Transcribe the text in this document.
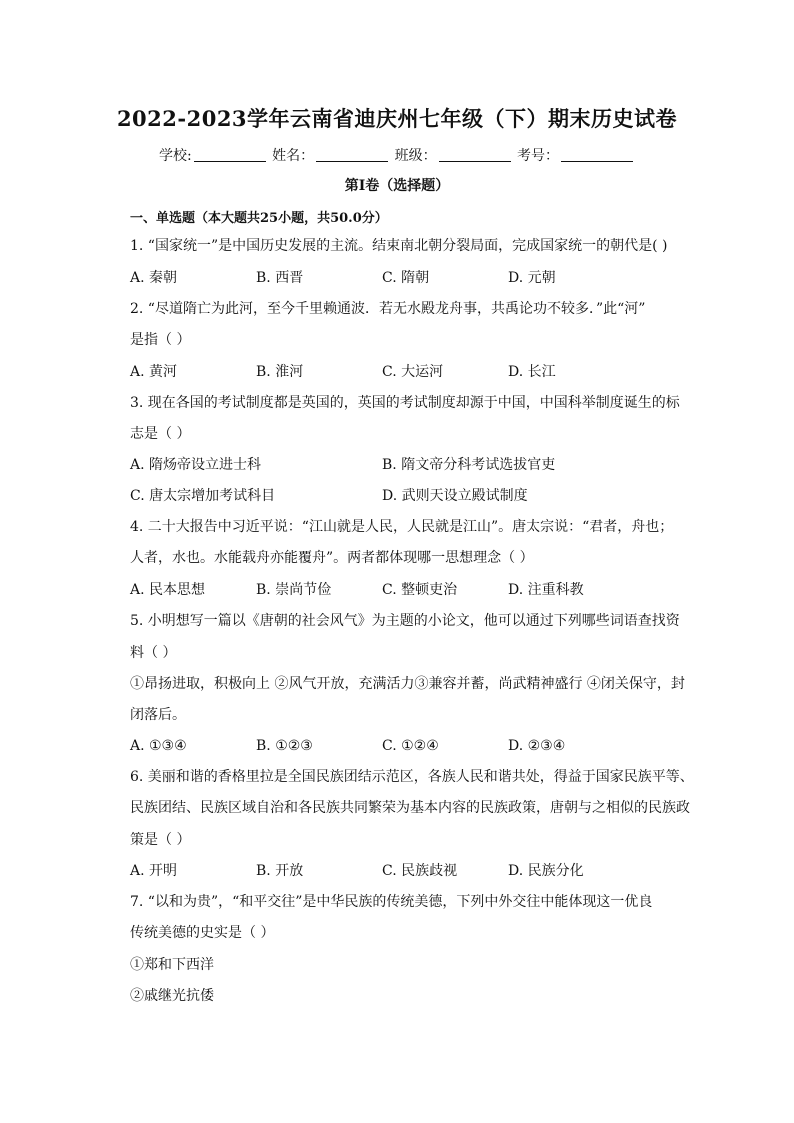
2022-2023学年云南省迪庆州七年级（下）期末历史试卷
学校:	姓名：	班级：	考号：
第I卷（选择题）
一、单选题（本大题共25小题，共50.0分）
1. “国家统一”是中国历史发展的主流。结束南北朝分裂局面，完成国家统一的朝代是( )
A. 秦朝	B. 西晋	C. 隋朝	D. 元朝
2. “尽道隋亡为此河，至今千里赖通波．若无水殿龙舟事，共禹论功不较多．”此“河”
是指（ ）
A. 黄河	B. 淮河	C. 大运河	D. 长江
3. 现在各国的考试制度都是英国的，英国的考试制度却源于中国，中国科举制度诞生的标
志是（ ）
A. 隋炀帝设立进士科	B. 隋文帝分科考试选拔官吏
C. 唐太宗增加考试科目	D. 武则天设立殿试制度
4. 二十大报告中习近平说：“江山就是人民，人民就是江山”。唐太宗说：“君者，舟也；
人者，水也。水能载舟亦能覆舟”。两者都体现哪一思想理念（ ）
A. 民本思想	B. 崇尚节俭	C. 整顿吏治	D. 注重科教
5. 小明想写一篇以《唐朝的社会风气》为主题的小论文，他可以通过下列哪些词语查找资
料（ ）
①昂扬进取，积极向上 ②风气开放，充满活力③兼容并蓄，尚武精神盛行 ④闭关保守，封
闭落后。
A. ①③④	B. ①②③	C. ①②④	D. ②③④
6. 美丽和谐的香格里拉是全国民族团结示范区，各族人民和谐共处，得益于国家民族平等、
民族团结、民族区域自治和各民族共同繁荣为基本内容的民族政策，唐朝与之相似的民族政
策是（ ）
A. 开明	B. 开放	C. 民族歧视	D. 民族分化
7. “以和为贵”，“和平交往”是中华民族的传统美德，下列中外交往中能体现这一优良
传统美德的史实是（ ）
①郑和下西洋
②戚继光抗倭
